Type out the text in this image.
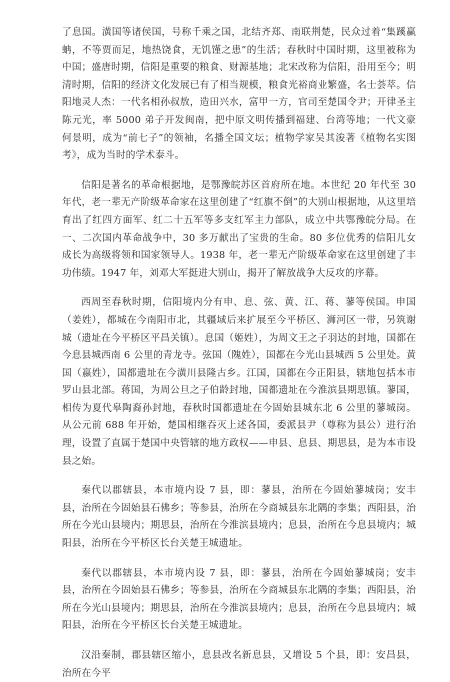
了息国。潢国等诸侯国，号称千乘之国，北结齐郑、南联荆楚，民众过着“集蹊赢蚺，不等贾而足，地热饶食，无饥馑之患”的生活；春秋时中国时期，这里被称为中国；盛唐时期，信阳是重要的粮食、财源基地；北宋改称为信阳，沿用至今；明清时期，信阳的经济文化发展已有了相当规模，粮食光裕商业繁盛，名士荟萃。信阳地灵人杰：一代名相孙叔敖，造田兴水，富甲一方，官司至楚国令尹；开律圣主陈元光，率 5000 弟子开发闽南，把中原文明传播到福建、台湾等地；一代文豪何景明，成为“前七子”的领袖，名播全国文坛；植物学家吴其浚著《植物名实图考》，成为当时的学术泰斗。

信阳是著名的革命根据地，是鄂豫皖苏区首府所在地。本世纪 20 年代至 30 年代，老一辈无产阶级革命家在这里创建了“红旗不倒”的大别山根据地，从这里培育出了红四方面军、红二十五军等多支红军主力部队，成立中共鄂豫皖分局。在一、二次国内革命战争中，30 多万献出了宝贵的生命。80 多位优秀的信阳儿女成长为高级将领和国家领导人。1938 年，老一辈无产阶级革命家在这里创建了丰功伟绩。1947 年，刘邓大军挺进大别山，揭开了解放战争大反攻的序幕。

西周至春秋时期，信阳境内分有申、息、弦、黄、江、蒋、蓼等侯国。申国（姜姓），都城在今南阳市北，其疆域后来扩展至今平桥区、浉河区一带，另筑谢城（遗址在今平桥区平昌关镇）。息国（姬姓），为周文王之子羽达的封地，国都在今息县城西南 6 公里的青龙寺。弦国（隗姓），国都在今光山县城西 5 公里处。黄国（嬴姓），国都遗址在今潢川县隆古乡。江国，国都在今正阳县，辖地包括本市罗山县北部。蒋国，为周公旦之子伯龄封地，国都遗址在今淮滨县期思镇。蓼国，相传为夏代皋陶裔孙封地，春秋时国都遗址在今固始县城东北 6 公里的蓼城岗。从公元前 688 年开始，楚国相继吞灭上述各国，委派县尹（尊称为县公）进行治理，设置了直属于楚国中央管辖的地方政权——申县、息县、期思县，是为本市设县之始。

秦代以郡辖县，本市境内设 7 县，即：蓼县，治所在今固始蓼城岗；安丰县，治所在今固始县石佛乡；等参县，治所在今商城县东北隅的李集；西阳县，治所在今光山县境内；期思县，治所在今淮滨县境内；息县，治所在今息县境内；城阳县，治所在今平桥区长台关楚王城遗址。

秦代以郡辖县，本市境内设 7 县，即：蓼县，治所在今固始蓼城岗；安丰县，治所在今固始县石佛乡；等参县，治所在今商城县东北隅的李集；西阳县，治所在今光山县境内；期思县，治所在今淮滨县境内；息县，治所在今息县境内；城阳县，治所在今平桥区长台关楚王城遗址。

汉沿秦制，郡县辖区缩小，息县改名新息县，又增设 5 个县，即：安昌县，治所在今平
